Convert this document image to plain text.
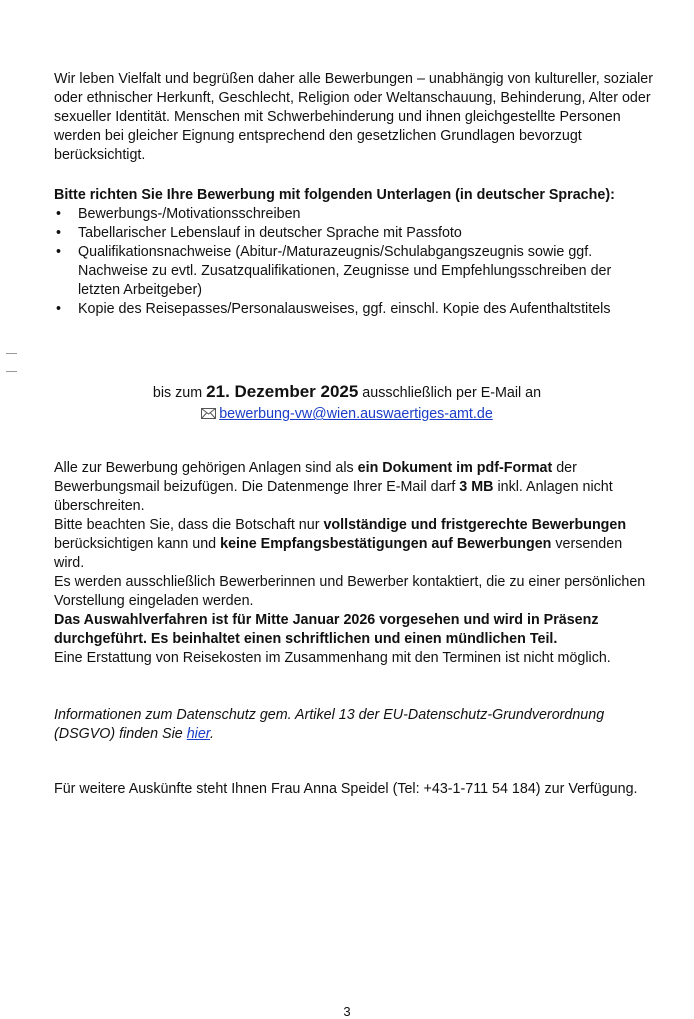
Wir leben Vielfalt und begrüßen daher alle Bewerbungen – unabhängig von kultureller, sozialer oder ethnischer Herkunft, Geschlecht, Religion oder Weltanschauung, Behinderung, Alter oder sexueller Identität. Menschen mit Schwerbehinderung und ihnen gleichgestellte Personen werden bei gleicher Eignung entsprechend den gesetzlichen Grundlagen bevorzugt berücksichtigt.

Bitte richten Sie Ihre Bewerbung mit folgenden Unterlagen (in deutscher Sprache):

• Bewerbungs-/Motivationsschreiben
• Tabellarischer Lebenslauf in deutscher Sprache mit Passfoto
• Qualifikationsnachweise (Abitur-/Maturazeugnis/Schulabgangszeugnis sowie ggf. Nachweise zu evtl. Zusatzqualifikationen, Zeugnisse und Empfehlungsschreiben der letzten Arbeitgeber)
• Kopie des Reisepasses/Personalausweises, ggf. einschl. Kopie des Aufenthaltstitels

bis zum 21. Dezember 2025 ausschließlich per E-Mail an

bewerbung-vw@wien.auswaertiges-amt.de

Alle zur Bewerbung gehörigen Anlagen sind als ein Dokument im pdf-Format der Bewerbungsmail beizufügen. Die Datenmenge Ihrer E-Mail darf 3 MB inkl. Anlagen nicht überschreiten.

Bitte beachten Sie, dass die Botschaft nur vollständige und fristgerechte Bewerbungen berücksichtigen kann und keine Empfangsbestätigungen auf Bewerbungen versenden wird.

Es werden ausschließlich Bewerberinnen und Bewerber kontaktiert, die zu einer persönlichen Vorstellung eingeladen werden.

Das Auswahlverfahren ist für Mitte Januar 2026 vorgesehen und wird in Präsenz durchgeführt. Es beinhaltet einen schriftlichen und einen mündlichen Teil.

Eine Erstattung von Reisekosten im Zusammenhang mit den Terminen ist nicht möglich.

Informationen zum Datenschutz gem. Artikel 13 der EU-Datenschutz-Grundverordnung (DSGVO) finden Sie hier.

Für weitere Auskünfte steht Ihnen Frau Anna Speidel (Tel: +43-1-711 54 184) zur Verfügung.

3
